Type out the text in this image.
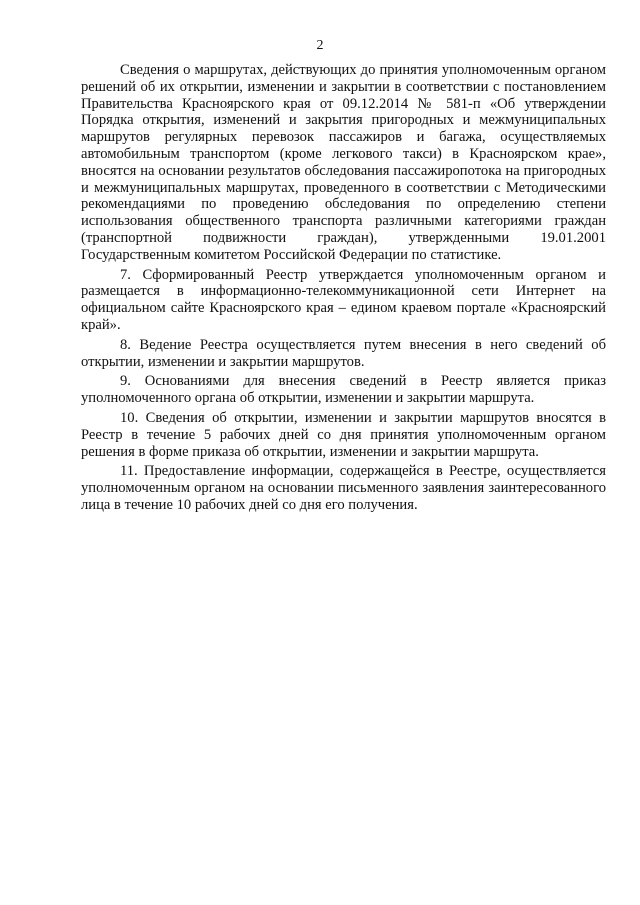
2

Сведения о маршрутах, действующих до принятия уполномоченным органом решений об их открытии, изменении и закрытии в соответствии с постановлением Правительства Красноярского края от 09.12.2014 № 581-п «Об утверждении Порядка открытия, изменений и закрытия пригородных и межмуниципальных маршрутов регулярных перевозок пассажиров и багажа, осуществляемых автомобильным транспортом (кроме легкового такси) в Красноярском крае», вносятся на основании результатов обследования пассажиропотока на пригородных и межмуниципальных маршрутах, проведенного в соответствии с Методическими рекомендациями по проведению обследования по определению степени использования общественного транспорта различными категориями граждан (транспортной подвижности граждан), утвержденными 19.01.2001 Государственным комитетом Российской Федерации по статистике.

7. Сформированный Реестр утверждается уполномоченным органом и размещается в информационно-телекоммуникационной сети Интернет на официальном сайте Красноярского края – едином краевом портале «Красноярский край».

8. Ведение Реестра осуществляется путем внесения в него сведений об открытии, изменении и закрытии маршрутов.

9. Основаниями для внесения сведений в Реестр является приказ уполномоченного органа об открытии, изменении и закрытии маршрута.

10. Сведения об открытии, изменении и закрытии маршрутов вносятся в Реестр в течение 5 рабочих дней со дня принятия уполномоченным органом решения в форме приказа об открытии, изменении и закрытии маршрута.

11. Предоставление информации, содержащейся в Реестре, осуществляется уполномоченным органом на основании письменного заявления заинтересованного лица в течение 10 рабочих дней со дня его получения.
